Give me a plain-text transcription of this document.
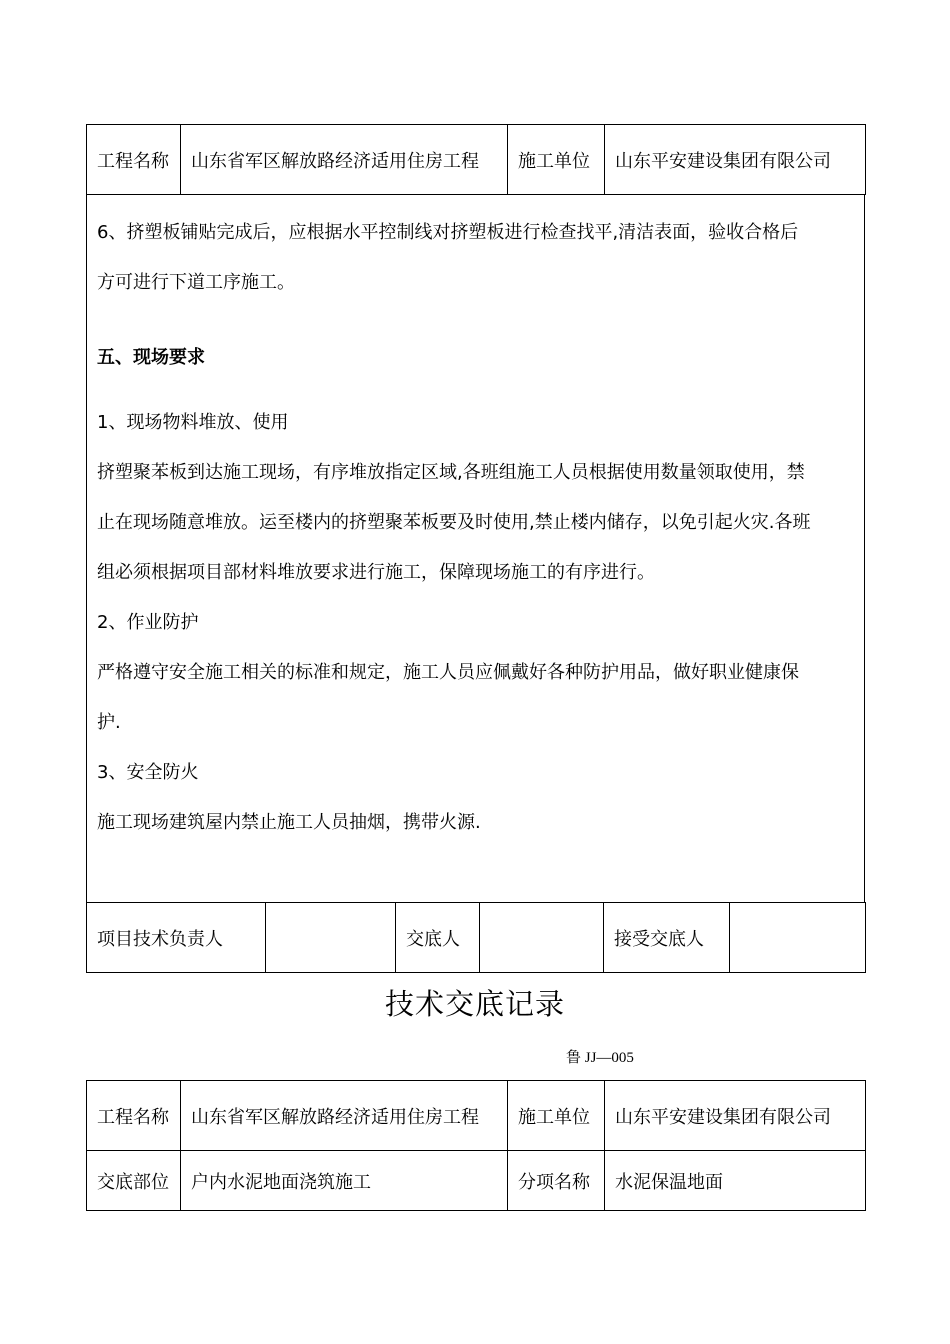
工程名称	山东省军区解放路经济适用住房工程	施工单位	山东平安建设集团有限公司
6、挤塑板铺贴完成后，应根据水平控制线对挤塑板进行检查找平,清洁表面，验收合格后
方可进行下道工序施工。
五、现场要求
1、现场物料堆放、使用
挤塑聚苯板到达施工现场，有序堆放指定区域,各班组施工人员根据使用数量领取使用，禁
止在现场随意堆放。运至楼内的挤塑聚苯板要及时使用,禁止楼内储存，以免引起火灾.各班
组必须根据项目部材料堆放要求进行施工，保障现场施工的有序进行。
2、作业防护
严格遵守安全施工相关的标准和规定，施工人员应佩戴好各种防护用品，做好职业健康保
护.
3、安全防火
施工现场建筑屋内禁止施工人员抽烟，携带火源.
项目技术负责人		交底人		接受交底人	
技术交底记录
鲁 JJ—005
工程名称	山东省军区解放路经济适用住房工程	施工单位	山东平安建设集团有限公司
交底部位	户内水泥地面浇筑施工	分项名称	水泥保温地面
